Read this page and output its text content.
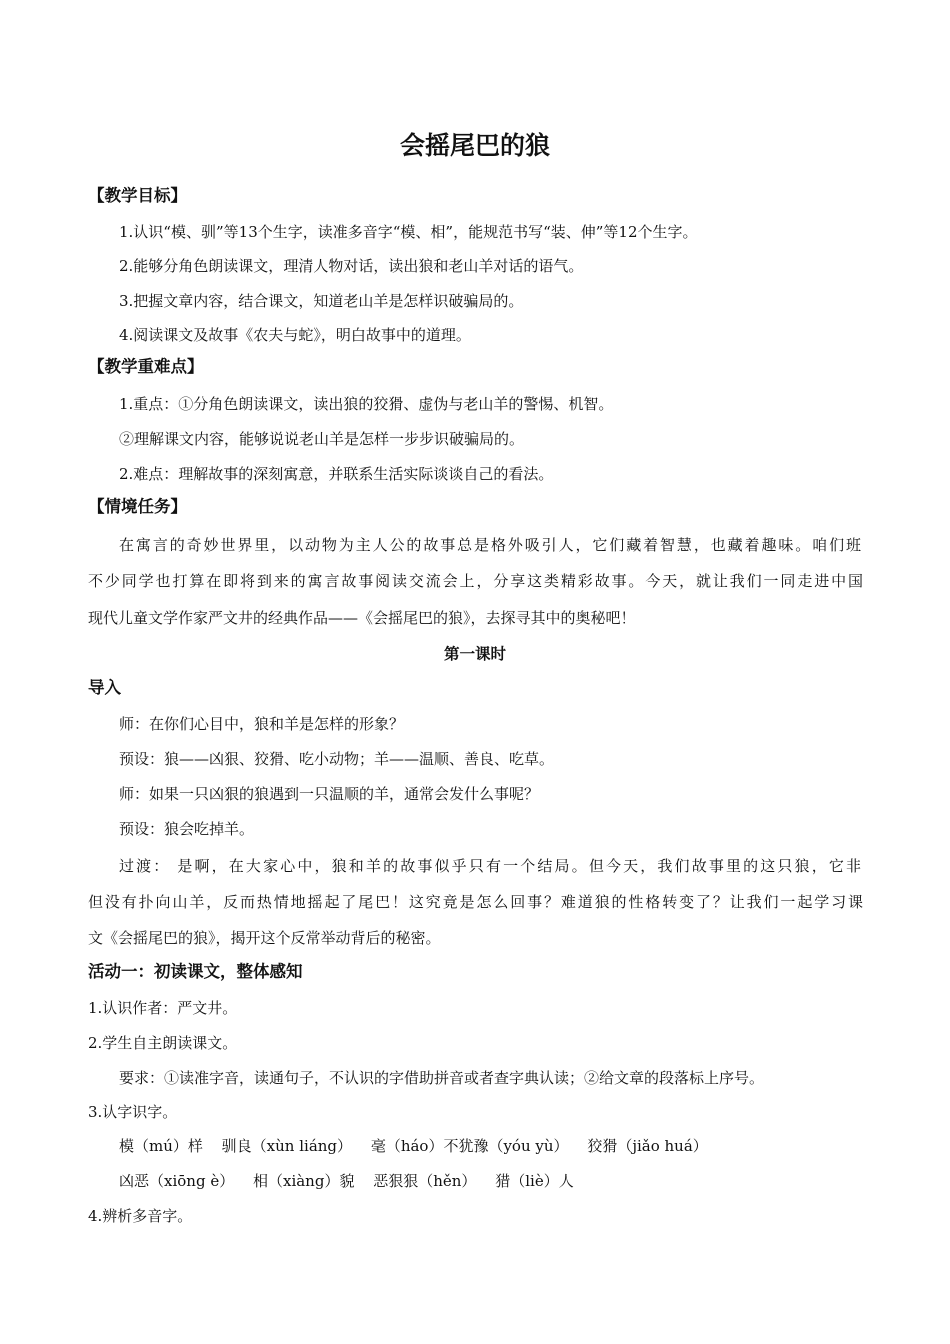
会摇尾巴的狼
【教学目标】
1.认识“模、驯”等13个生字，读准多音字“模、相”，能规范书写“装、伸”等12个生字。
2.能够分角色朗读课文，理清人物对话，读出狼和老山羊对话的语气。
3.把握文章内容，结合课文，知道老山羊是怎样识破骗局的。
4.阅读课文及故事《农夫与蛇》，明白故事中的道理。
【教学重难点】
1.重点：①分角色朗读课文，读出狼的狡猾、虚伪与老山羊的警惕、机智。
②理解课文内容，能够说说老山羊是怎样一步步识破骗局的。
2.难点：理解故事的深刻寓意，并联系生活实际谈谈自己的看法。
【情境任务】
在寓言的奇妙世界里，以动物为主人公的故事总是格外吸引人，它们藏着智慧，也藏着趣味。咱们班
不少同学也打算在即将到来的寓言故事阅读交流会上，分享这类精彩故事。今天，就让我们一同走进中国
现代儿童文学作家严文井的经典作品——《会摇尾巴的狼》，去探寻其中的奥秘吧！
第一课时
导入
师：在你们心目中，狼和羊是怎样的形象？
预设：狼——凶狠、狡猾、吃小动物；羊——温顺、善良、吃草。
师：如果一只凶狠的狼遇到一只温顺的羊，通常会发什么事呢？
预设：狼会吃掉羊。
过渡： 是啊，在大家心中，狼和羊的故事似乎只有一个结局。但今天，我们故事里的这只狼，它非
但没有扑向山羊，反而热情地摇起了尾巴！这究竟是怎么回事？难道狼的性格转变了？让我们一起学习课
文《会摇尾巴的狼》，揭开这个反常举动背后的秘密。
活动一：初读课文，整体感知
1.认识作者：严文井。
2.学生自主朗读课文。
要求：①读准字音，读通句子，不认识的字借助拼音或者查字典认读；②给文章的段落标上序号。
3.认字识字。
模（mú）样 驯良（xùn liáng） 毫（háo）不犹豫（yóu yù） 狡猾（jiǎo huá）
凶恶（xiōng è） 相（xiàng）貌 恶狠狠（hěn） 猎（liè）人
4.辨析多音字。
